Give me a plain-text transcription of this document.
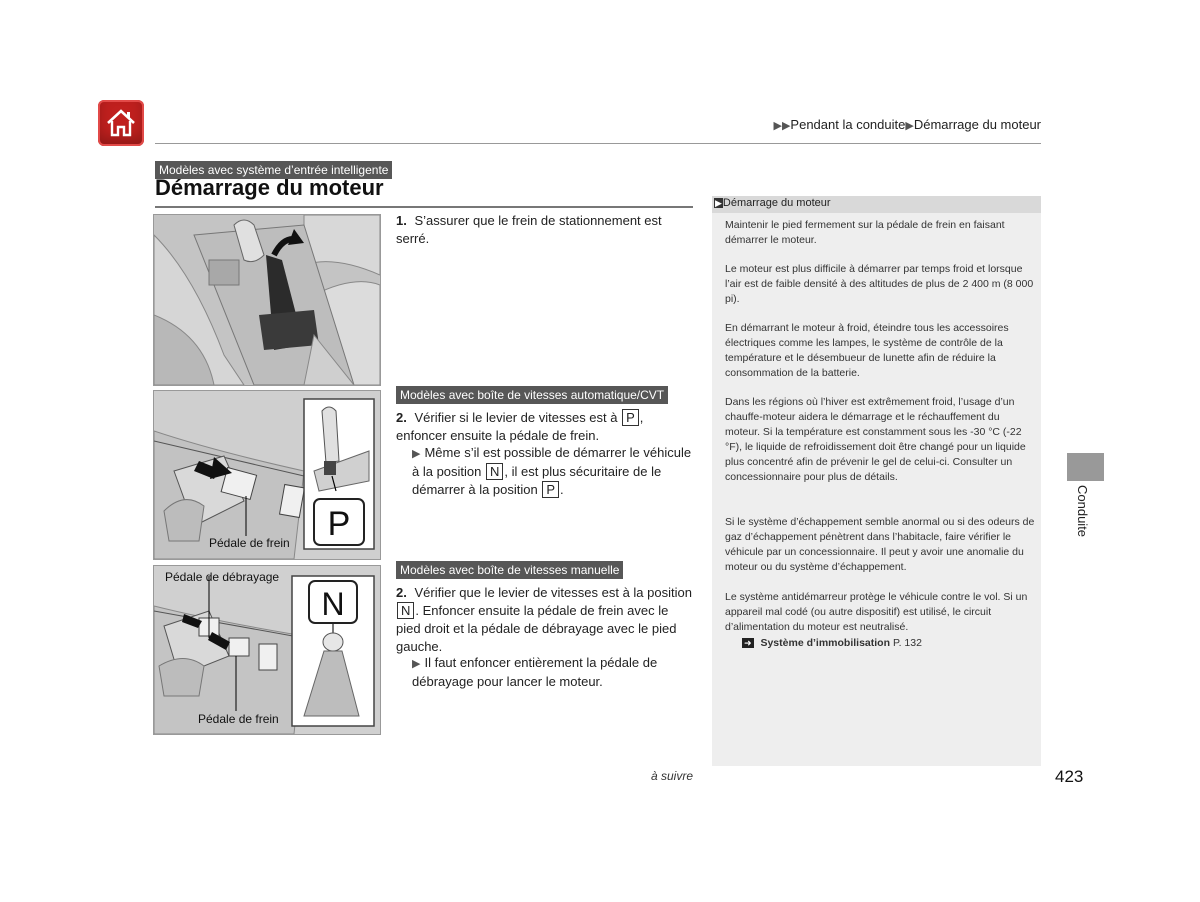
▶▶Pendant la conduite▶Démarrage du moteur
Modèles avec système d’entrée intelligente
Démarrage du moteur
1. S’assurer que le frein de stationnement est serré.
Modèles avec boîte de vitesses automatique/CVT
P
Pédale de frein
2. Vérifier si le levier de vitesses est à P , enfoncer ensuite la pédale de frein.
▶ Même s’il est possible de démarrer le véhicule à la position N , il est plus sécuritaire de le démarrer à la position P .
Modèles avec boîte de vitesses manuelle
N
Pédale de débrayage
Pédale de frein
2. Vérifier que le levier de vitesses est à la position N . Enfoncer ensuite la pédale de frein avec le pied droit et la pédale de débrayage avec le pied gauche.
▶ Il faut enfoncer entièrement la pédale de débrayage pour lancer le moteur.
▶Démarrage du moteur
Maintenir le pied fermement sur la pédale de frein en faisant démarrer le moteur.
Le moteur est plus difficile à démarrer par temps froid et lorsque l’air est de faible densité à des altitudes de plus de 2 400 m (8 000 pi).
En démarrant le moteur à froid, éteindre tous les accessoires électriques comme les lampes, le système de contrôle de la température et le désembueur de lunette afin de réduire la consommation de la batterie.
Dans les régions où l’hiver est extrêmement froid, l’usage d’un chauffe-moteur aidera le démarrage et le réchauffement du moteur. Si la température est constamment sous les -30 °C (-22 °F), le liquide de refroidissement doit être changé pour un liquide plus concentré afin de prévenir le gel de celui-ci. Consulter un concessionnaire pour plus de détails.
Si le système d’échappement semble anormal ou si des odeurs de gaz d’échappement pénètrent dans l’habitacle, faire vérifier le véhicule par un concessionnaire. Il peut y avoir une anomalie du moteur ou du système d’échappement.
Le système antidémarreur protège le véhicule contre le vol. Si un appareil mal codé (ou autre dispositif) est utilisé, le circuit d’alimentation du moteur est neutralisé.
➜ Système d’immobilisation P. 132
Conduite
à suivre	423
